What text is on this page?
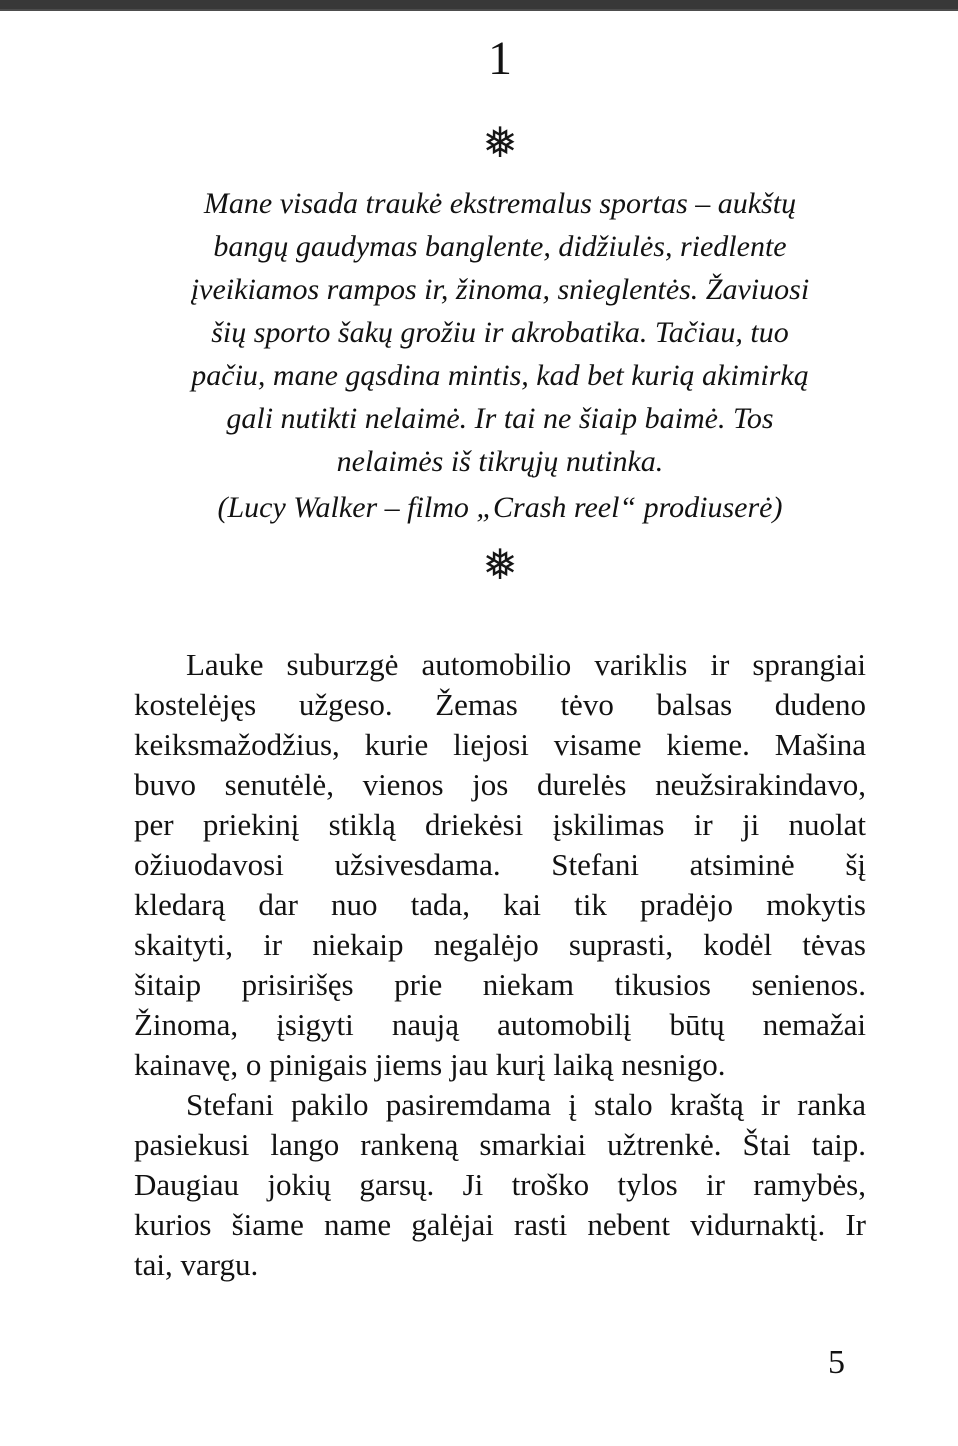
1
❅
Mane visada traukė ekstremalus sportas – aukštų
bangų gaudymas banglente, didžiulės, riedlente
įveikiamos rampos ir, žinoma, snieglentės. Žaviuosi
šių sporto šakų grožiu ir akrobatika. Tačiau, tuo
pačiu, mane gąsdina mintis, kad bet kurią akimirką
gali nutikti nelaimė. Ir tai ne šiaip baimė. Tos
nelaimės iš tikrųjų nutinka.
(Lucy Walker – filmo „Crash reel“ prodiuserė)
❅
Lauke suburzgė automobilio variklis ir sprangiai
kostelėjęs užgeso. Žemas tėvo balsas dudeno
keiksmažodžius, kurie liejosi visame kieme. Mašina
buvo senutėlė, vienos jos durelės neužsirakindavo,
per priekinį stiklą driekėsi įskilimas ir ji nuolat
ožiuodavosi užsivesdama. Stefani atsiminė šį
kledarą dar nuo tada, kai tik pradėjo mokytis
skaityti, ir niekaip negalėjo suprasti, kodėl tėvas
šitaip prisirišęs prie niekam tikusios senienos.
Žinoma, įsigyti naują automobilį būtų nemažai
kainavę, o pinigais jiems jau kurį laiką nesnigo.
Stefani pakilo pasiremdama į stalo kraštą ir ranka
pasiekusi lango rankeną smarkiai užtrenkė. Štai taip.
Daugiau jokių garsų. Ji troško tylos ir ramybės,
kurios šiame name galėjai rasti nebent vidurnaktį. Ir
tai, vargu.
5
